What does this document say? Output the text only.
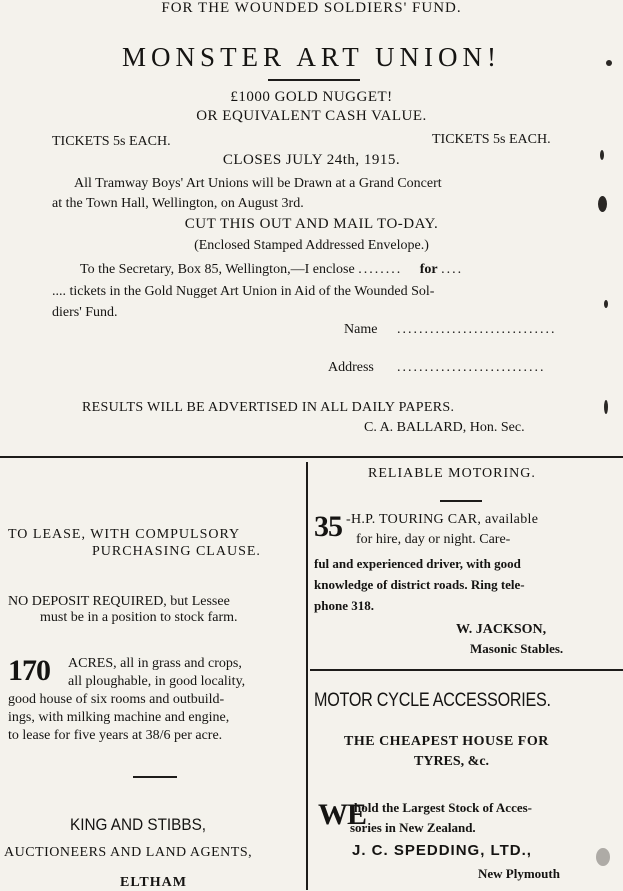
FOR THE WOUNDED SOLDIERS' FUND.
MONSTER ART UNION!
£1000 GOLD NUGGET!
OR EQUIVALENT CASH VALUE.
TICKETS 5s EACH.	TICKETS 5s EACH.
CLOSES JULY 24th, 1915.
All Tramway Boys' Art Unions will be Drawn at a Grand Concert
at the Town Hall, Wellington, on August 3rd.
CUT THIS OUT AND MAIL TO-DAY.
(Enclosed Stamped Addressed Envelope.)
To the Secretary, Box 85, Wellington,—I enclose ........ for ....
.... tickets in the Gold Nugget Art Union in Aid of the Wounded Sol-
diers' Fund.
Name .............................
Address ...........................
RESULTS WILL BE ADVERTISED IN ALL DAILY PAPERS.
C. A. BALLARD, Hon. Sec.
TO LEASE, WITH COMPULSORY
PURCHASING CLAUSE.
NO DEPOSIT REQUIRED, but Lessee
must be in a position to stock farm.
170 ACRES, all in grass and crops,
all ploughable, in good locality,
good house of six rooms and outbuild-
ings, with milking machine and engine,
to lease for five years at 38/6 per acre.
KING AND STIBBS,
AUCTIONEERS AND LAND AGENTS,
ELTHAM
RELIABLE MOTORING.
35 -H.P. TOURING CAR, available
for hire, day or night. Care-
ful and experienced driver, with good
knowledge of district roads. Ring tele-
phone 318.
W. JACKSON,
Masonic Stables.
MOTOR CYCLE ACCESSORIES.
THE CHEAPEST HOUSE FOR
TYRES, &c.
WE
hold the Largest Stock of Acces-
sories in New Zealand.
J. C. SPEDDING, LTD.,
New Plymouth
